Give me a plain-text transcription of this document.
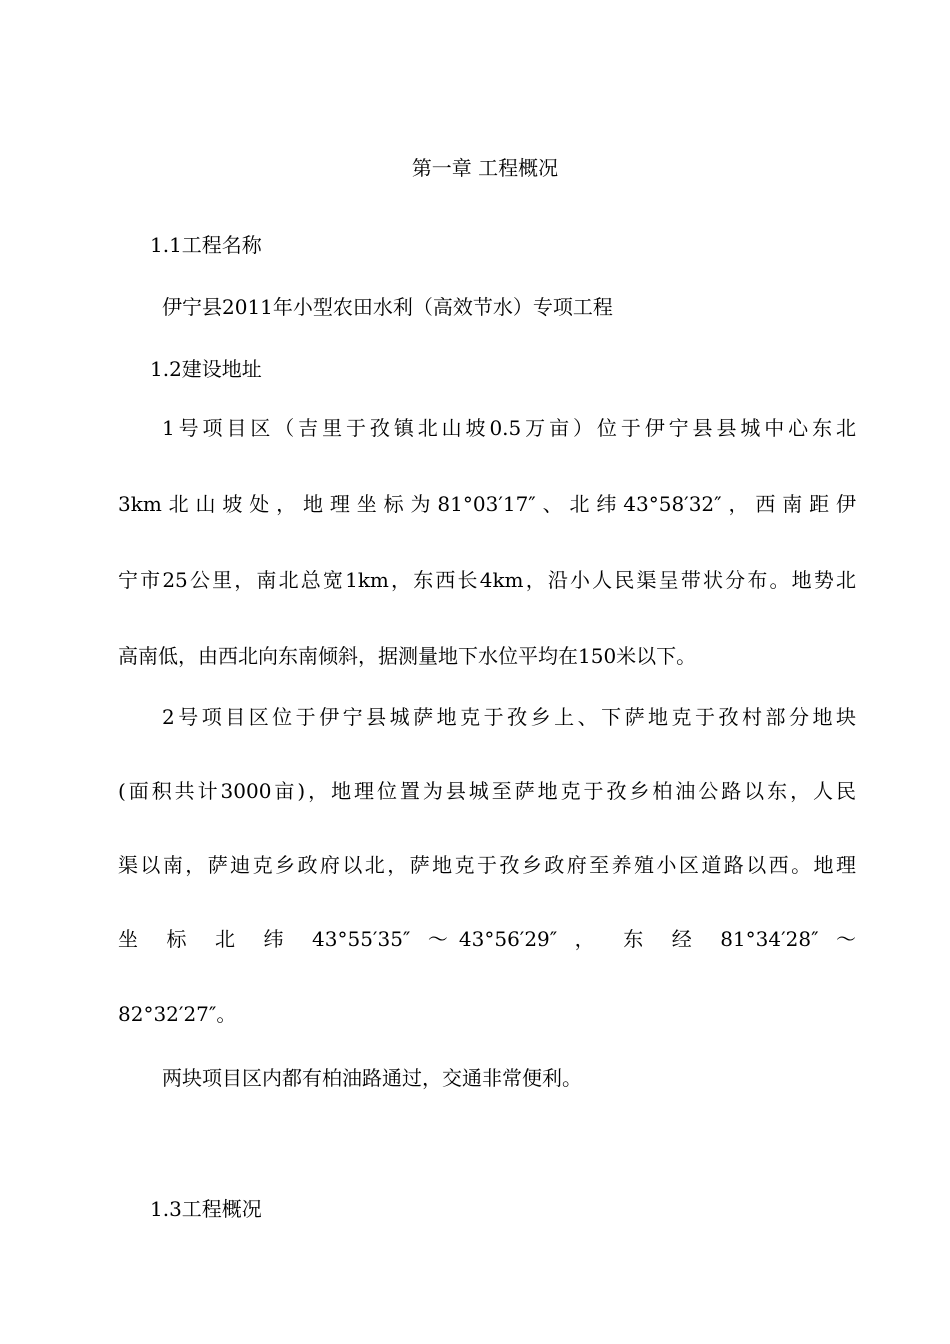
第一章 工程概况
1.1工程名称
伊宁县2011年小型农田水利（高效节水）专项工程
1.2建设地址
1号项目区（吉里于孜镇北山坡0.5万亩）位于伊宁县县城中心东北
3km北山坡处，地理坐标为81°03′17″、北纬43°58′32″，西南距伊
宁市25公里，南北总宽1km，东西长4km，沿小人民渠呈带状分布。地势北
高南低，由西北向东南倾斜，据测量地下水位平均在150米以下。
2号项目区位于伊宁县城萨地克于孜乡上、下萨地克于孜村部分地块
(面积共计3000亩)，地理位置为县城至萨地克于孜乡柏油公路以东，人民
渠以南，萨迪克乡政府以北，萨地克于孜乡政府至养殖小区道路以西。地理
坐 标 北 纬 43°55′35″ ～43°56′29″ ， 东 经 81°34′28″ ～
82°32′27″。
两块项目区内都有柏油路通过，交通非常便利。
1.3工程概况
